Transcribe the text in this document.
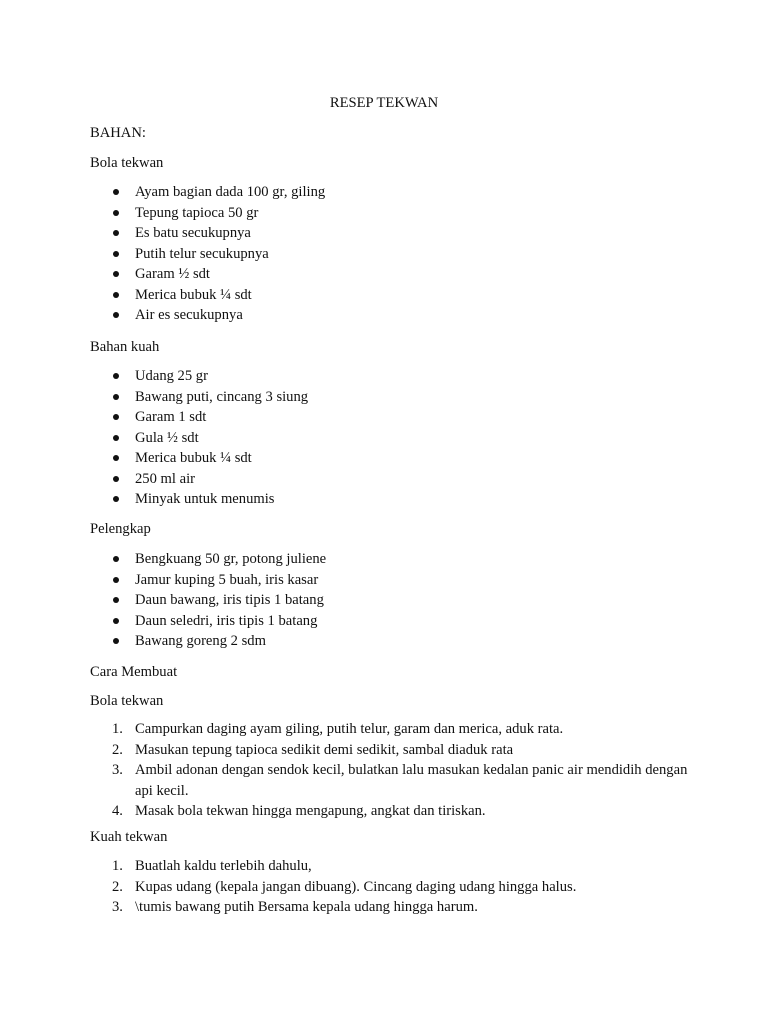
RESEP TEKWAN
BAHAN:
Bola tekwan
Ayam bagian dada 100 gr, giling
Tepung tapioca 50 gr
Es batu secukupnya
Putih telur secukupnya
Garam ½ sdt
Merica bubuk ¼ sdt
Air es secukupnya
Bahan kuah
Udang 25 gr
Bawang puti, cincang 3 siung
Garam 1 sdt
Gula ½ sdt
Merica bubuk ¼ sdt
250 ml air
Minyak untuk menumis
Pelengkap
Bengkuang 50 gr, potong juliene
Jamur kuping 5 buah, iris kasar
Daun bawang, iris tipis 1 batang
Daun seledri, iris tipis 1 batang
Bawang goreng 2 sdm
Cara Membuat
Bola tekwan
1. Campurkan daging ayam giling, putih telur, garam dan merica, aduk rata.
2. Masukan tepung tapioca sedikit demi sedikit, sambal diaduk rata
3. Ambil adonan dengan sendok kecil, bulatkan lalu masukan kedalan panic air mendidih dengan api kecil.
4. Masak bola tekwan hingga mengapung, angkat dan tiriskan.
Kuah tekwan
1. Buatlah kaldu terlebih dahulu,
2. Kupas udang (kepala jangan dibuang). Cincang daging udang hingga halus.
3. \tumis bawang putih Bersama kepala udang hingga harum.
